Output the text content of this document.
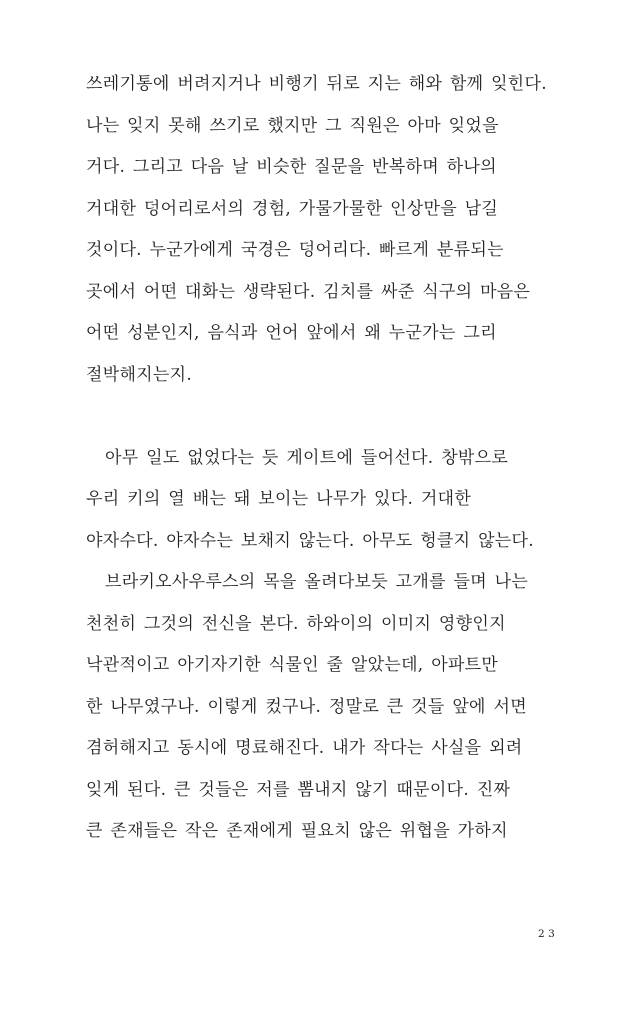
쓰레기통에 버려지거나 비행기 뒤로 지는 해와 함께 잊힌다.
나는 잊지 못해 쓰기로 했지만 그 직원은 아마 잊었을
거다. 그리고 다음 날 비슷한 질문을 반복하며 하나의
거대한 덩어리로서의 경험, 가물가물한 인상만을 남길
것이다. 누군가에게 국경은 덩어리다. 빠르게 분류되는
곳에서 어떤 대화는 생략된다. 김치를 싸준 식구의 마음은
어떤 성분인지, 음식과 언어 앞에서 왜 누군가는 그리
절박해지는지.
아무 일도 없었다는 듯 게이트에 들어선다. 창밖으로
우리 키의 열 배는 돼 보이는 나무가 있다. 거대한
야자수다. 야자수는 보채지 않는다. 아무도 헝클지 않는다.
브라키오사우루스의 목을 올려다보듯 고개를 들며 나는
천천히 그것의 전신을 본다. 하와이의 이미지 영향인지
낙관적이고 아기자기한 식물인 줄 알았는데, 아파트만
한 나무였구나. 이렇게 컸구나. 정말로 큰 것들 앞에 서면
겸허해지고 동시에 명료해진다. 내가 작다는 사실을 외려
잊게 된다. 큰 것들은 저를 뽐내지 않기 때문이다. 진짜
큰 존재들은 작은 존재에게 필요치 않은 위협을 가하지
23
